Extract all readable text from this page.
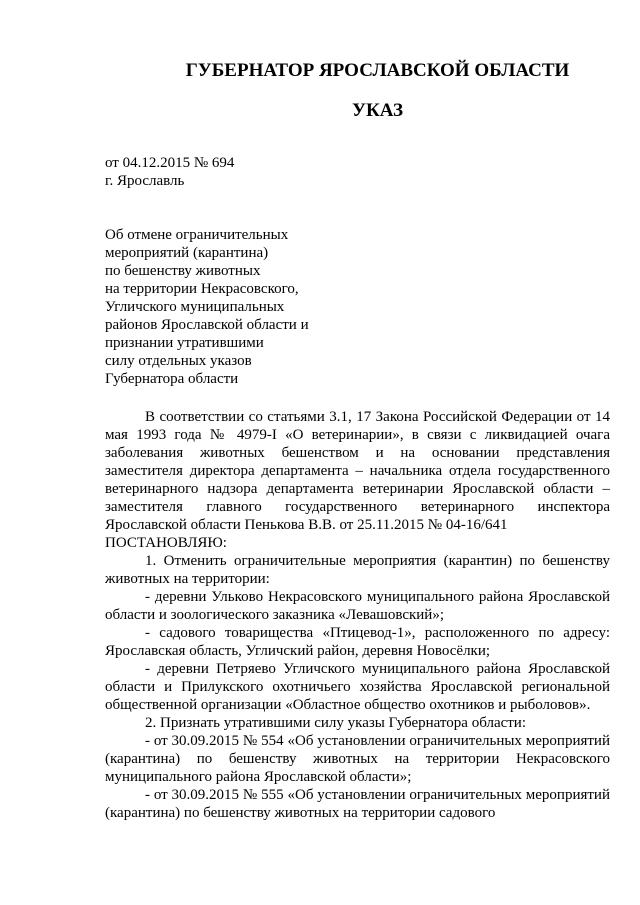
ГУБЕРНАТОР ЯРОСЛАВСКОЙ ОБЛАСТИ
УКАЗ
от 04.12.2015 № 694
г. Ярославль
Об отмене ограничительных
мероприятий (карантина)
по бешенству животных
на территории Некрасовского,
Угличского муниципальных
районов Ярославской области и
признании утратившими
силу отдельных указов
Губернатора области

В соответствии со статьями 3.1, 17 Закона Российской Федерации от 14 мая 1993 года № 4979-I «О ветеринарии», в связи с ликвидацией очага заболевания животных бешенством и на основании представления заместителя директора департамента – начальника отдела государственного ветеринарного надзора департамента ветеринарии Ярославской области – заместителя главного государственного ветеринарного инспектора Ярославской области Пенькова В.В. от 25.11.2015 № 04-16/641

ПОСТАНОВЛЯЮ:

1. Отменить ограничительные мероприятия (карантин) по бешенству животных на территории:

- деревни Ульково Некрасовского муниципального района Ярославской области и зоологического заказника «Левашовский»;

- садового товарищества «Птицевод-1», расположенного по адресу: Ярославская область, Угличский район, деревня Новосёлки;

- деревни Петряево Угличского муниципального района Ярославской области и Прилукского охотничьего хозяйства Ярославской региональной общественной организации «Областное общество охотников и рыболовов».

2. Признать утратившими силу указы Губернатора области:

- от 30.09.2015 № 554 «Об установлении ограничительных мероприятий (карантина) по бешенству животных на территории Некрасовского муниципального района Ярославской области»;

- от 30.09.2015 № 555 «Об установлении ограничительных мероприятий (карантина) по бешенству животных на территории садового
